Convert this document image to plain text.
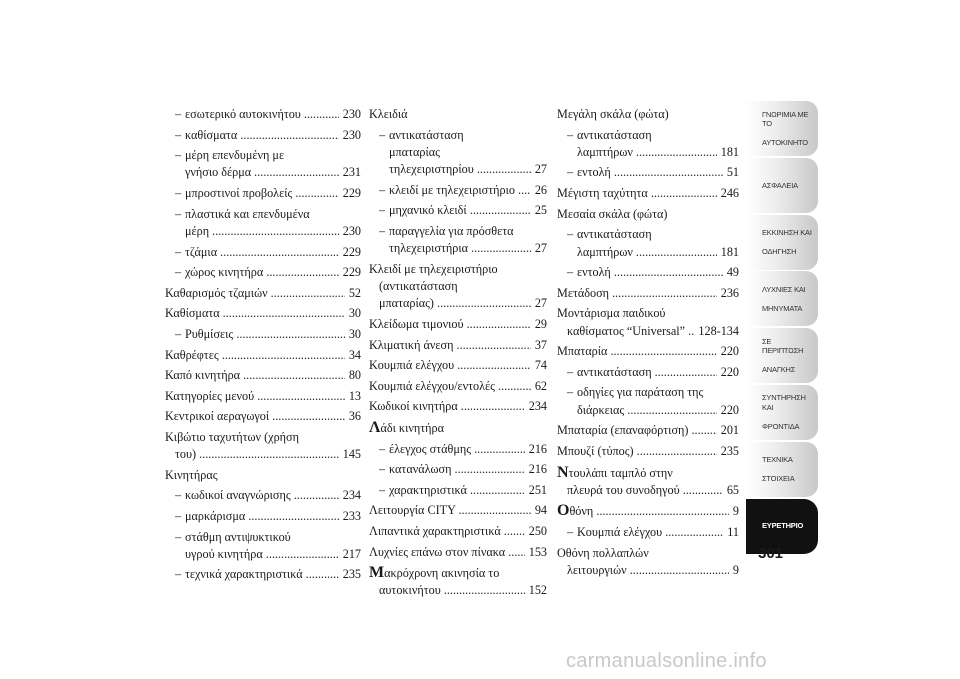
– εσωτερικό αυτοκινήτου .....	230
– καθίσματα .....	230
– μέρη επενδυμένη με
γνήσιο δέρμα .....	231
– μπροστινοί προβολείς .....	229
– πλαστικά και επενδυμένα
μέρη .....	230
– τζάμια .....	229
– χώρος κινητήρα .....	229
Καθαρισμός τζαμιών .....	52
Καθίσματα .....	30
– Ρυθμίσεις .....	30
Καθρέφτες .....	34
Καπό κινητήρα .....	80
Κατηγορίες μενού .....	13
Κεντρικοί αεραγωγοί .....	36
Κιβώτιο ταχυτήτων (χρήση
του) .....	145
Κινητήρας
– κωδικοί αναγνώρισης .....	234
– μαρκάρισμα .....	233
– στάθμη αντιψυκτικού
υγρού κινητήρα .....	217
– τεχνικά χαρακτηριστικά .....	235
Κλειδιά
– αντικατάσταση
μπαταρίας
τηλεχειριστηρίου .....	27
– κλειδί με τηλεχειριστήριο .....	26
– μηχανικό κλειδί .....	25
– παραγγελία για πρόσθετα
τηλεχειριστήρια .....	27
Κλειδί με τηλεχειριστήριο
(αντικατάσταση
μπαταρίας) .....	27
Κλείδωμα τιμονιού .....	29
Κλιματική άνεση .....	37
Κουμπιά ελέγχου .....	74
Κουμπιά ελέγχου/εντολές .....	62
Κωδικοί κινητήρα .....	234
Λάδι κινητήρα
– έλεγχος στάθμης .....	216
– κατανάλωση .....	216
– χαρακτηριστικά .....	251
Λειτουργία CITY .....	94
Λιπαντικά χαρακτηριστικά .....	250
Λυχνίες επάνω στον πίνακα .....	153
Μακρόχρονη ακινησία το
αυτοκινήτου .....	152
Μεγάλη σκάλα (φώτα)
– αντικατάσταση
λαμπτήρων .....	181
– εντολή .....	51
Μέγιστη ταχύτητα .....	246
Μεσαία σκάλα (φώτα)
– αντικατάσταση
λαμπτήρων .....	181
– εντολή .....	49
Μετάδοση .....	236
Μοντάρισμα παιδικού
καθίσματος “Universal” .....	128-134
Μπαταρία .....	220
– αντικατάσταση .....	220
– οδηγίες για παράταση της
διάρκειας .....	220
Μπαταρία (επαναφόρτιση) .....	201
Μπουζί (τύπος) .....	235
Ντουλάπι ταμπλό στην
πλευρά του συνοδηγού .....	65
Οθόνη .....	9
– Κουμπιά ελέγχου .....	11
Οθόνη πολλαπλών
λειτουργιών .....	9
ΓΝΩΡΙΜΙΑ ΜΕ ΤΟ

ΑΥΤΟΚΙΝΗΤΟ
ΑΣΦΑΛΕΙΑ
ΕΚΚΙΝΗΣΗ ΚΑΙ

ΟΔΗΓΗΣΗ
ΛΥΧΝΙΕΣ ΚΑΙ

ΜΗΝΥΜΑΤΑ
ΣΕ ΠΕΡΙΠΤΩΣΗ

ΑΝΑΓΚΗΣ
ΣΥΝΤΗΡΗΣΗ ΚΑΙ

ΦΡΟΝΤΙΔΑ
ΤΕΧΝΙΚΑ

ΣΤΟΙΧΕΙΑ
ΕΥΡΕΤΗΡΙΟ
301
carmanualsonline.info
